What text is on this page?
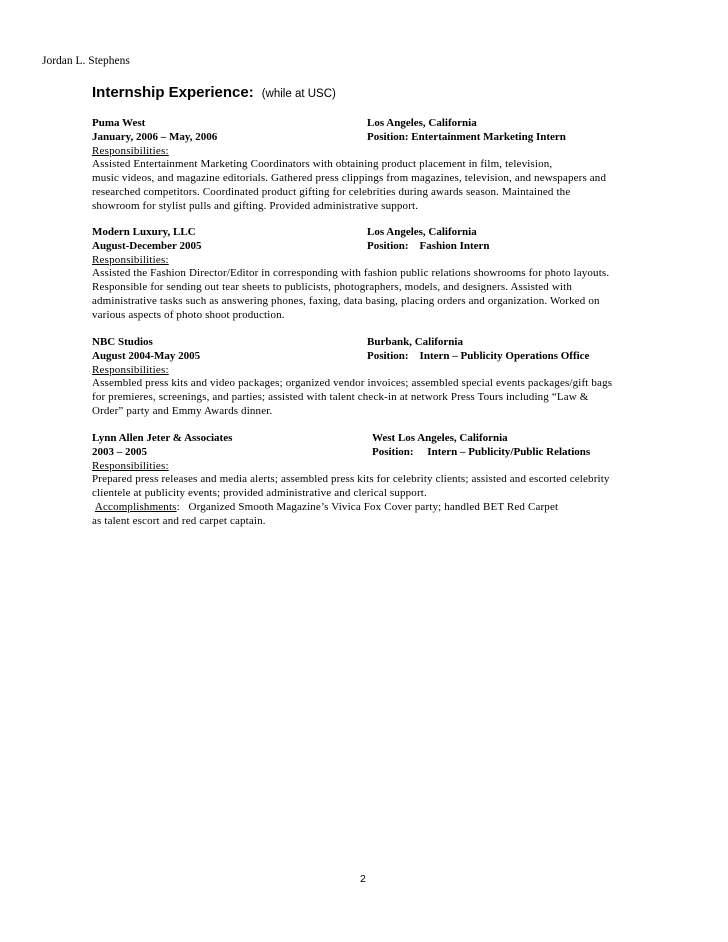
Jordan L. Stephens
Internship Experience: (while at USC)
Puma West	Los Angeles, California
January, 2006 – May, 2006	Position: Entertainment Marketing Intern
Responsibilities:
Assisted Entertainment Marketing Coordinators with obtaining product placement in film, television,
music videos, and magazine editorials. Gathered press clippings from magazines, television, and newspapers and
researched competitors. Coordinated product gifting for celebrities during awards season. Maintained the
showroom for stylist pulls and gifting. Provided administrative support.
Modern Luxury, LLC	Los Angeles, California
August-December 2005	Position:    Fashion Intern
Responsibilities:
Assisted the Fashion Director/Editor in corresponding with fashion public relations showrooms for photo layouts.
Responsible for sending out tear sheets to publicists, photographers, models, and designers. Assisted with
administrative tasks such as answering phones, faxing, data basing, placing orders and organization. Worked on
various aspects of photo shoot production.
NBC Studios	Burbank, California
August 2004-May 2005	Position:    Intern – Publicity Operations Office
Responsibilities:
Assembled press kits and video packages; organized vendor invoices; assembled special events packages/gift bags
for premieres, screenings, and parties; assisted with talent check-in at network Press Tours including “Law &
Order” party and Emmy Awards dinner.
Lynn Allen Jeter & Associates	West Los Angeles, California
2003 – 2005	Position:     Intern – Publicity/Public Relations
Responsibilities:
Prepared press releases and media alerts; assembled press kits for celebrity clients; assisted and escorted celebrity
clientele at publicity events; provided administrative and clerical support.
Accomplishments:   Organized Smooth Magazine’s Vivica Fox Cover party; handled BET Red Carpet
as talent escort and red carpet captain.
2
